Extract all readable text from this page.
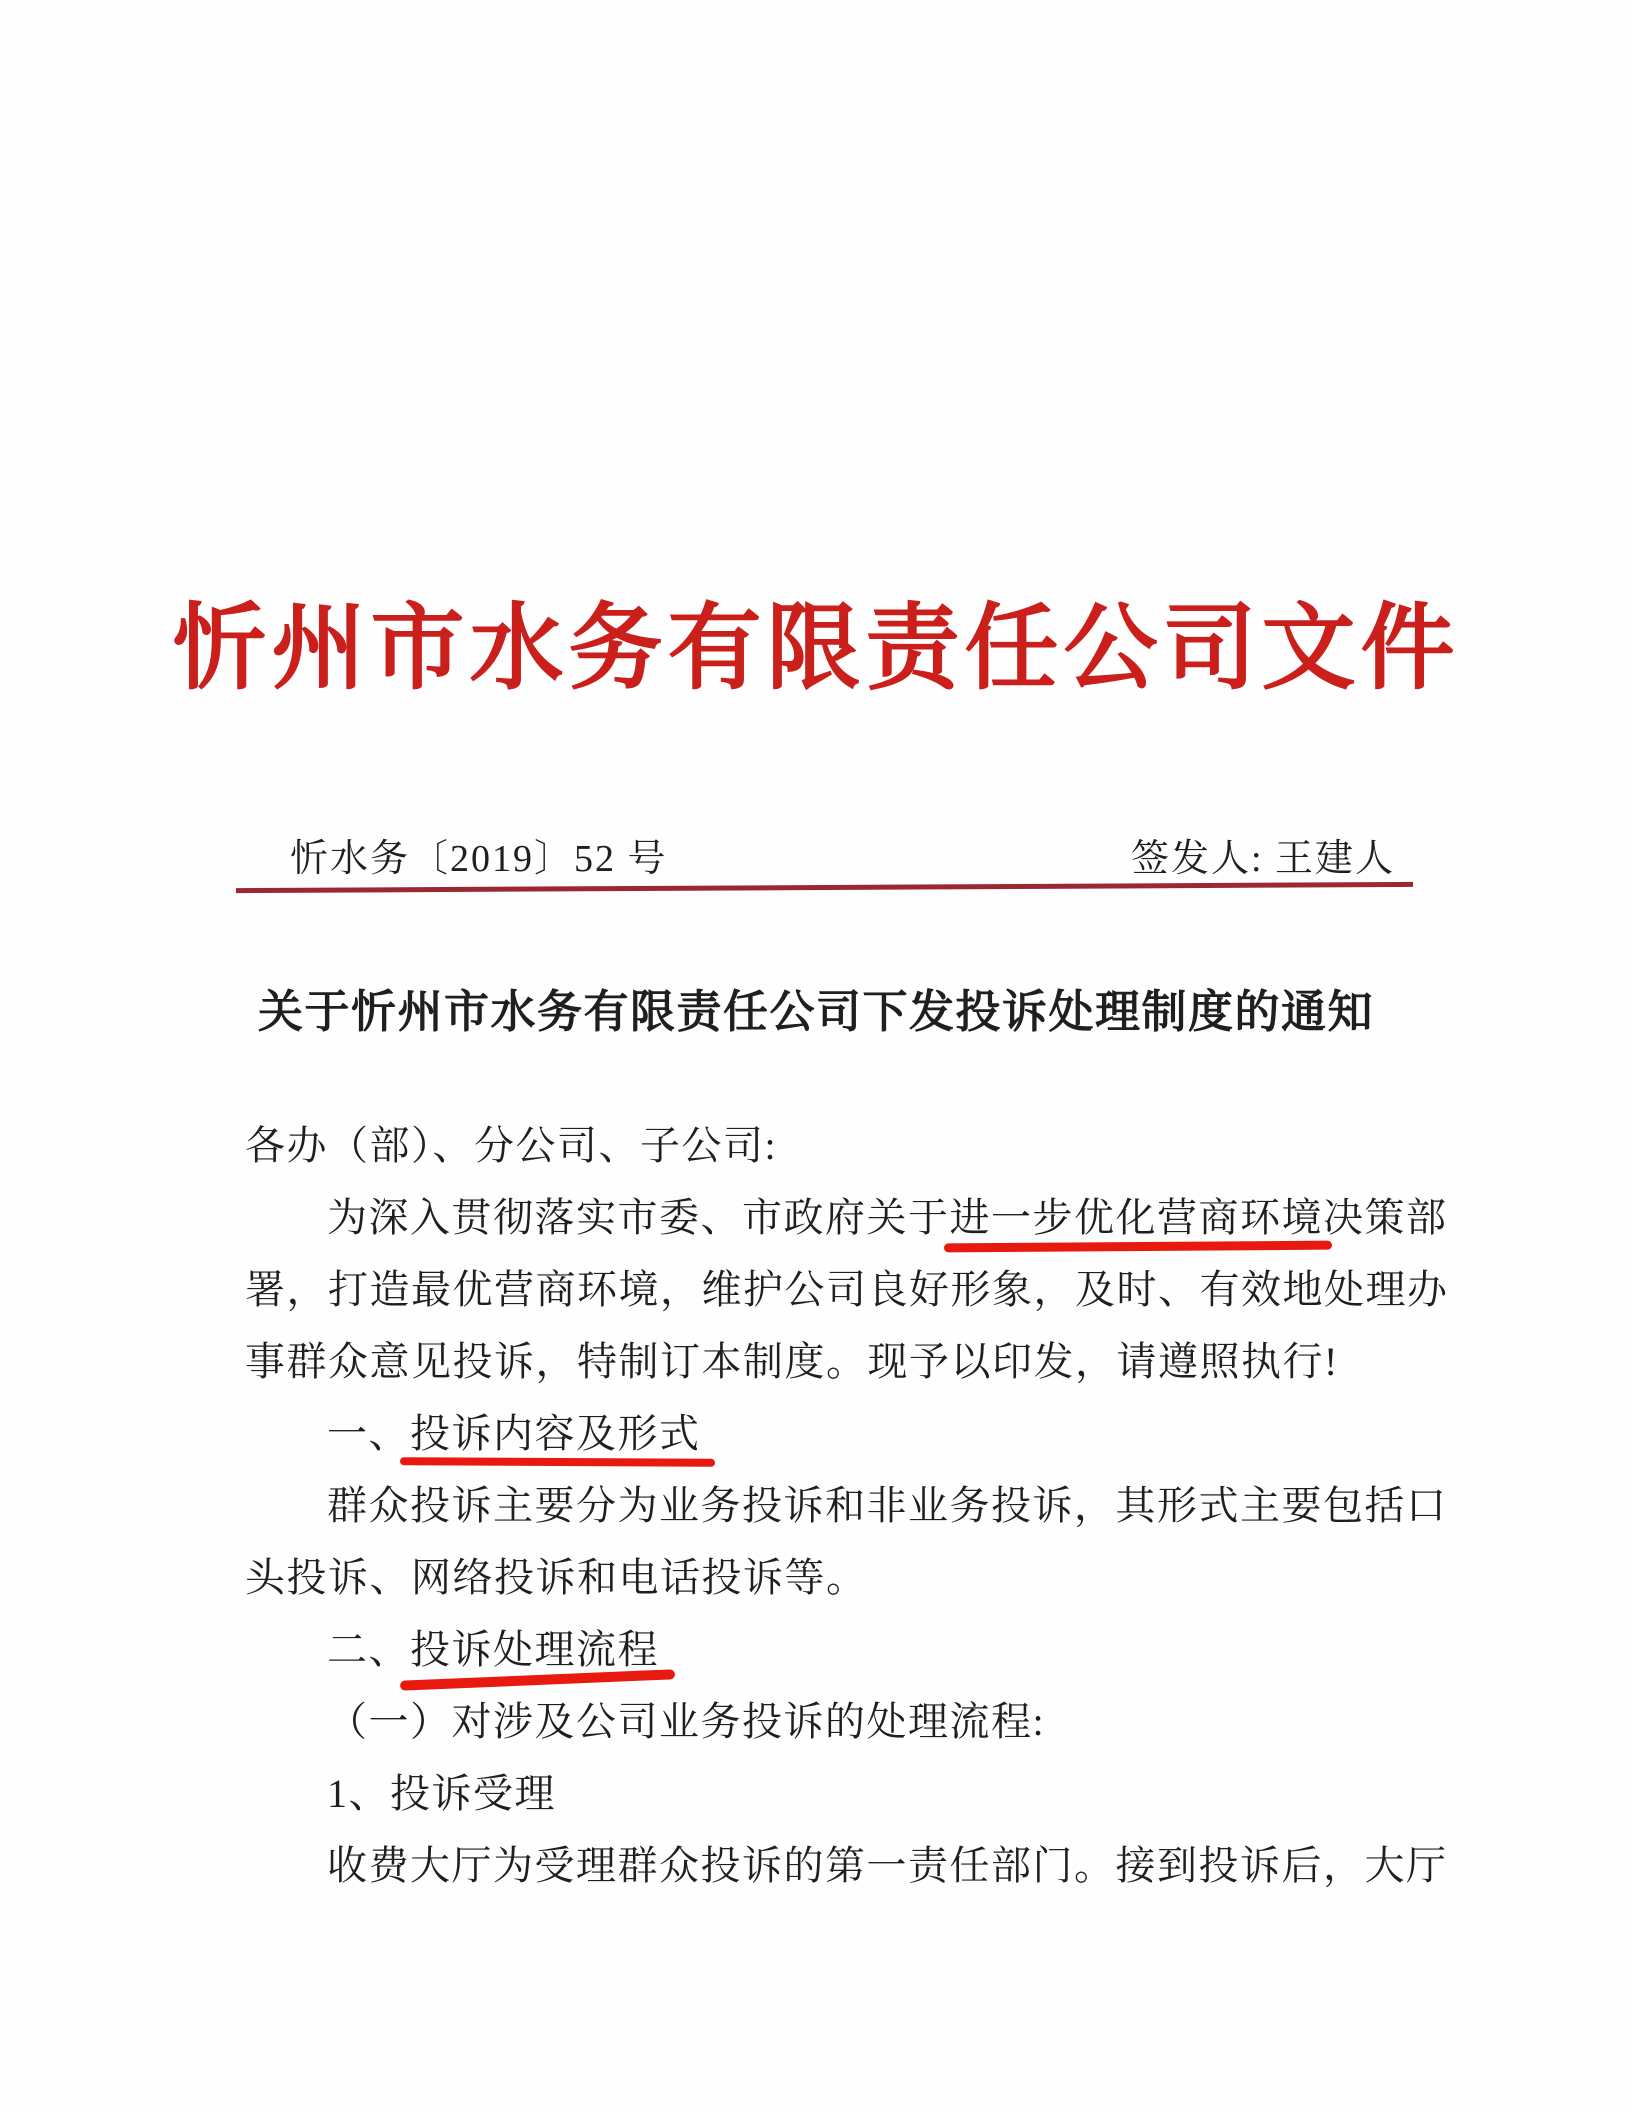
忻州市水务有限责任公司文件
忻水务〔2019〕52 号	签发人: 王建人
关于忻州市水务有限责任公司下发投诉处理制度的通知
各办（部）、分公司、子公司:
为深入贯彻落实市委、市政府关于进一步优化营商环境
决策部
署，打造最优营商环境，维护公司良好形象，及时、有效地处理办
事群众意见投诉，特制订本制度。现予以印发，请遵照执行!
一、投诉内容及形式
群众投诉主要分为业务投诉和非业务投诉，其形式主要包括口
头投诉、网络投诉和电话投诉等。
二、投诉处理流程
（一）对涉及公司业务投诉的处理流程:
1、投诉受理
收费大厅为受理群众投诉的第一责任部门。接到投诉后，大厅
